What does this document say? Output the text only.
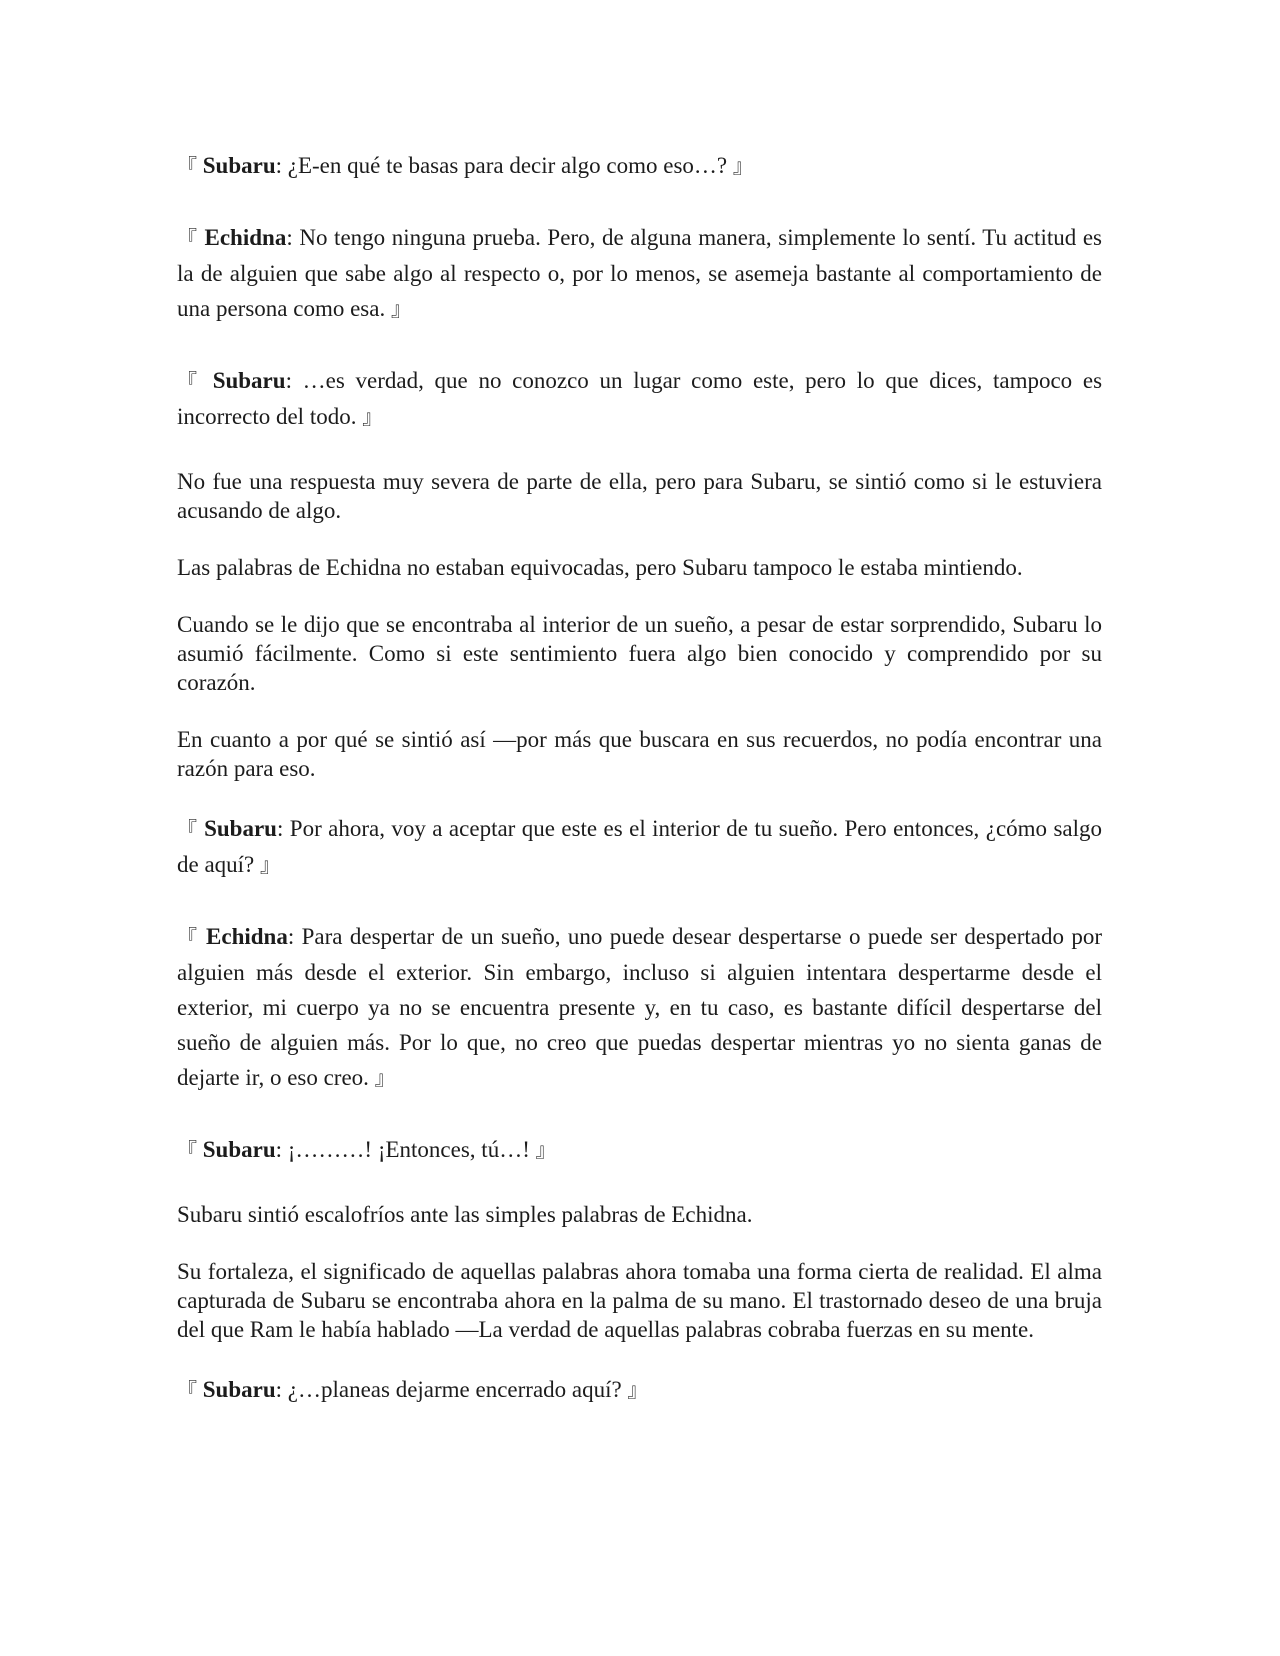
『 Subaru: ¿E-en qué te basas para decir algo como eso…? 』

『 Echidna: No tengo ninguna prueba. Pero, de alguna manera, simplemente lo sentí. Tu actitud es la de alguien que sabe algo al respecto o, por lo menos, se asemeja bastante al comportamiento de una persona como esa. 』

『 Subaru: …es verdad, que no conozco un lugar como este, pero lo que dices, tampoco es incorrecto del todo. 』

No fue una respuesta muy severa de parte de ella, pero para Subaru, se sintió como si le estuviera acusando de algo.

Las palabras de Echidna no estaban equivocadas, pero Subaru tampoco le estaba mintiendo.

Cuando se le dijo que se encontraba al interior de un sueño, a pesar de estar sorprendido, Subaru lo asumió fácilmente. Como si este sentimiento fuera algo bien conocido y comprendido por su corazón.

En cuanto a por qué se sintió así —por más que buscara en sus recuerdos, no podía encontrar una razón para eso.

『 Subaru: Por ahora, voy a aceptar que este es el interior de tu sueño. Pero entonces, ¿cómo salgo de aquí? 』

『 Echidna: Para despertar de un sueño, uno puede desear despertarse o puede ser despertado por alguien más desde el exterior. Sin embargo, incluso si alguien intentara despertarme desde el exterior, mi cuerpo ya no se encuentra presente y, en tu caso, es bastante difícil despertarse del sueño de alguien más. Por lo que, no creo que puedas despertar mientras yo no sienta ganas de dejarte ir, o eso creo. 』

『 Subaru: ¡………! ¡Entonces, tú…! 』

Subaru sintió escalofríos ante las simples palabras de Echidna.

Su fortaleza, el significado de aquellas palabras ahora tomaba una forma cierta de realidad. El alma capturada de Subaru se encontraba ahora en la palma de su mano. El trastornado deseo de una bruja del que Ram le había hablado —La verdad de aquellas palabras cobraba fuerzas en su mente.

『 Subaru: ¿…planeas dejarme encerrado aquí? 』
